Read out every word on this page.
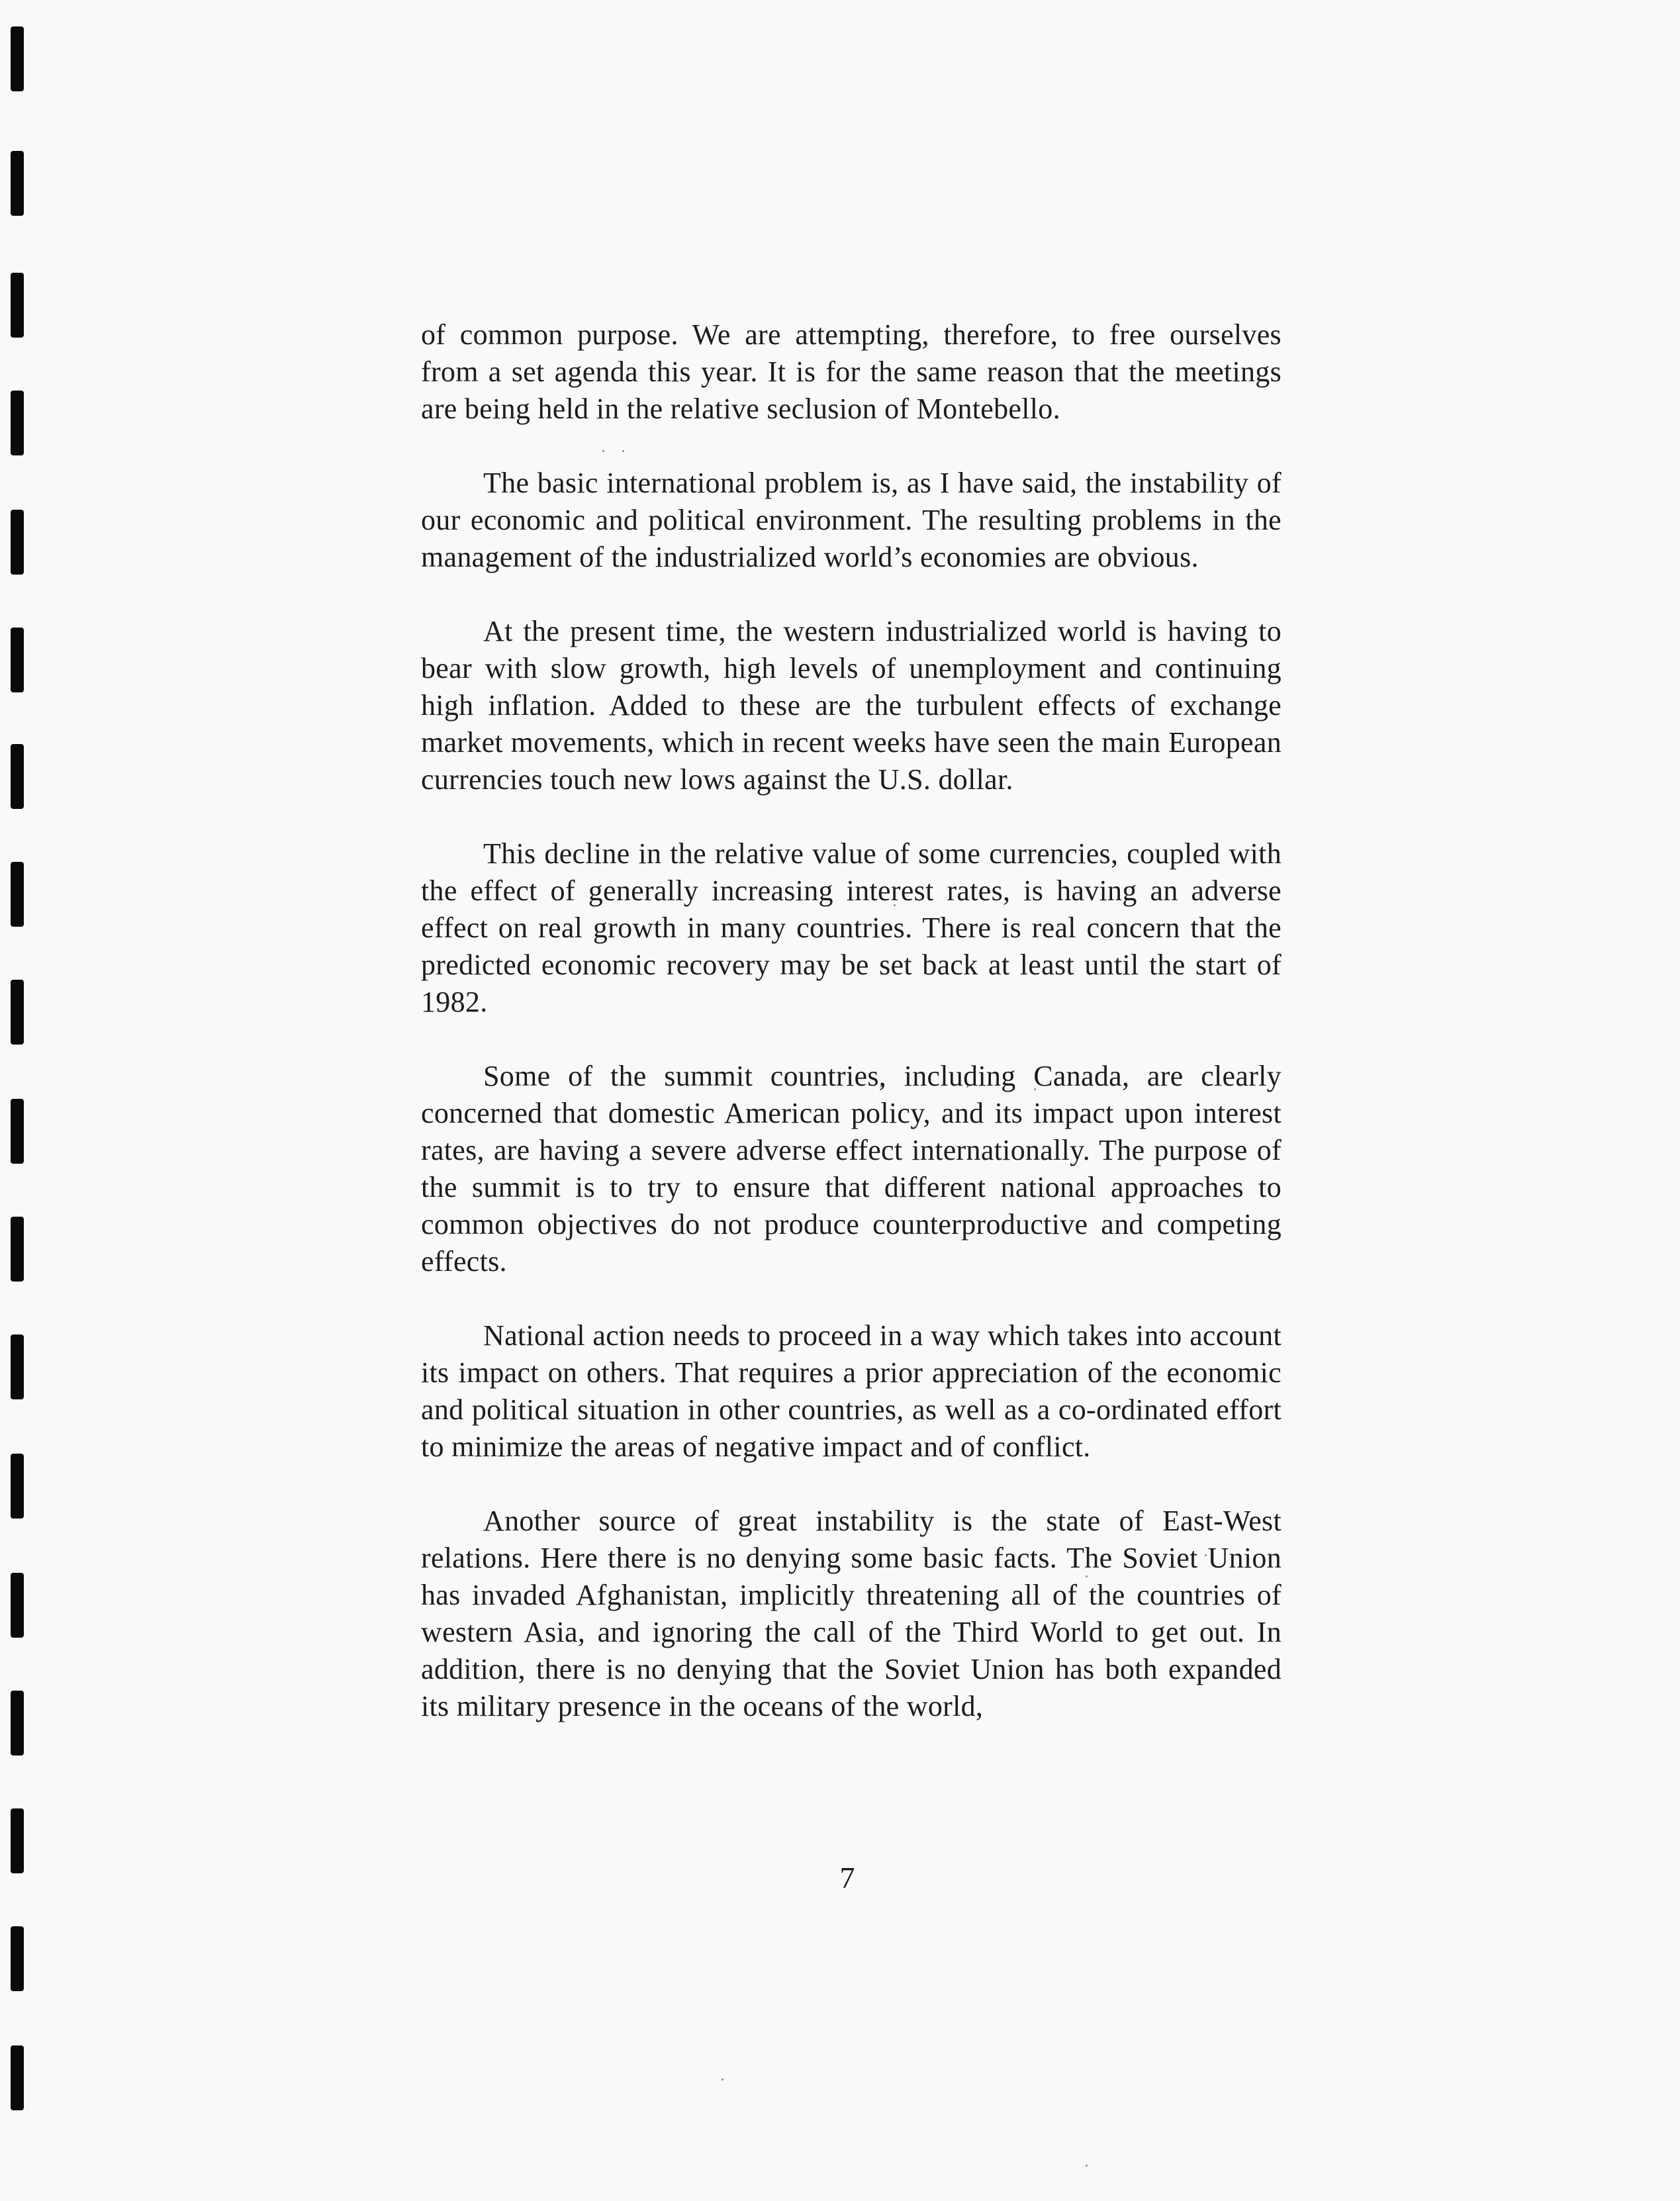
of common purpose. We are attempting, therefore, to free ourselves from a set agenda this year. It is for the same reason that the meetings are being held in the relative seclusion of Montebello.

The basic international problem is, as I have said, the instability of our economic and political environment. The resulting problems in the management of the industrialized world’s economies are obvious.

At the present time, the western industrialized world is having to bear with slow growth, high levels of unemployment and continuing high inflation. Added to these are the turbulent effects of exchange market movements, which in recent weeks have seen the main European currencies touch new lows against the U.S. dollar.

This decline in the relative value of some currencies, coupled with the effect of generally increasing interest rates, is having an adverse effect on real growth in many countries. There is real concern that the predicted economic recovery may be set back at least until the start of 1982.

Some of the summit countries, including Canada, are clearly concerned that domestic American policy, and its impact upon interest rates, are having a severe adverse effect internationally. The purpose of the summit is to try to ensure that different national approaches to common objectives do not produce counterproductive and competing effects.

National action needs to proceed in a way which takes into account its impact on others. That requires a prior appreciation of the economic and political situation in other countries, as well as a co-ordinated effort to minimize the areas of negative impact and of conflict.

Another source of great instability is the state of East-West relations. Here there is no denying some basic facts. The Soviet Union has invaded Afghanistan, implicitly threatening all of the countries of western Asia, and ignoring the call of the Third World to get out. In addition, there is no denying that the Soviet Union has both expanded its military presence in the oceans of the world,

7
